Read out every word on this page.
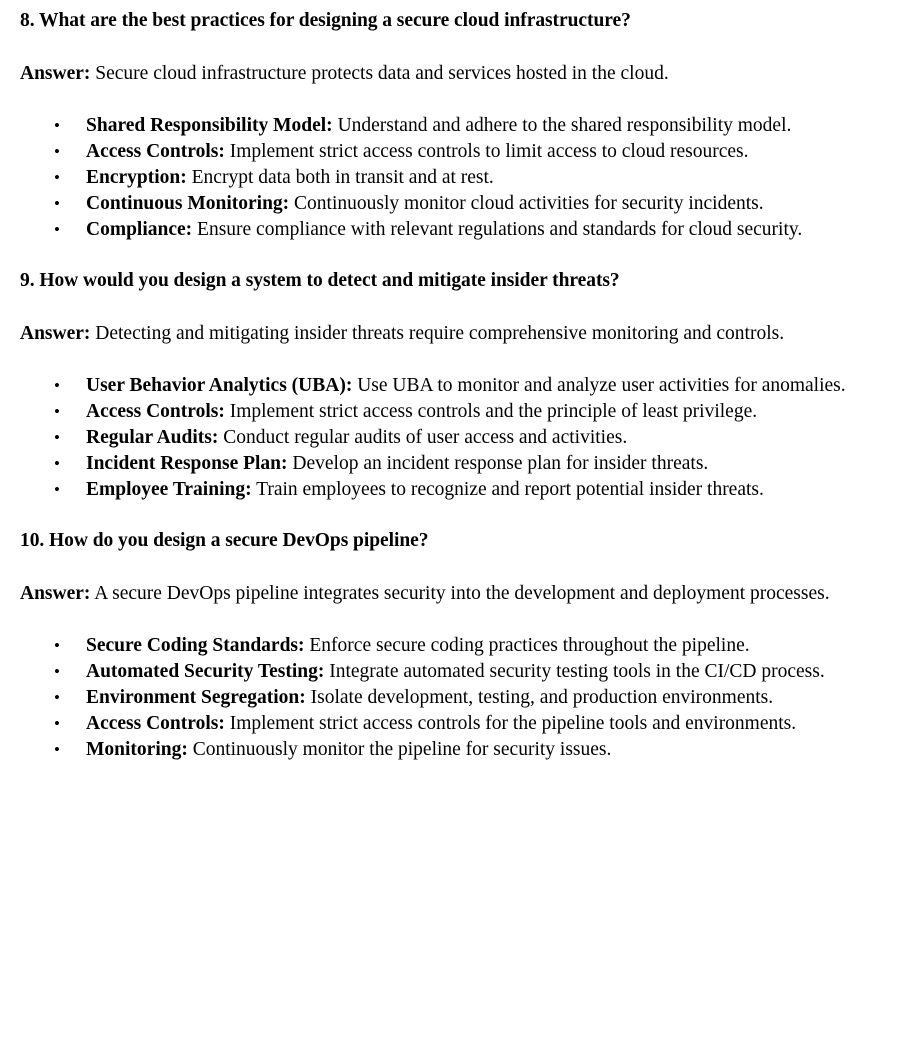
8. What are the best practices for designing a secure cloud infrastructure?

Answer: Secure cloud infrastructure protects data and services hosted in the cloud.

• Shared Responsibility Model: Understand and adhere to the shared responsibility model.
• Access Controls: Implement strict access controls to limit access to cloud resources.
• Encryption: Encrypt data both in transit and at rest.
• Continuous Monitoring: Continuously monitor cloud activities for security incidents.
• Compliance: Ensure compliance with relevant regulations and standards for cloud security.

9. How would you design a system to detect and mitigate insider threats?

Answer: Detecting and mitigating insider threats require comprehensive monitoring and controls.

• User Behavior Analytics (UBA): Use UBA to monitor and analyze user activities for anomalies.
• Access Controls: Implement strict access controls and the principle of least privilege.
• Regular Audits: Conduct regular audits of user access and activities.
• Incident Response Plan: Develop an incident response plan for insider threats.
• Employee Training: Train employees to recognize and report potential insider threats.

10. How do you design a secure DevOps pipeline?

Answer: A secure DevOps pipeline integrates security into the development and deployment processes.

• Secure Coding Standards: Enforce secure coding practices throughout the pipeline.
• Automated Security Testing: Integrate automated security testing tools in the CI/CD process.
• Environment Segregation: Isolate development, testing, and production environments.
• Access Controls: Implement strict access controls for the pipeline tools and environments.
• Monitoring: Continuously monitor the pipeline for security issues.
